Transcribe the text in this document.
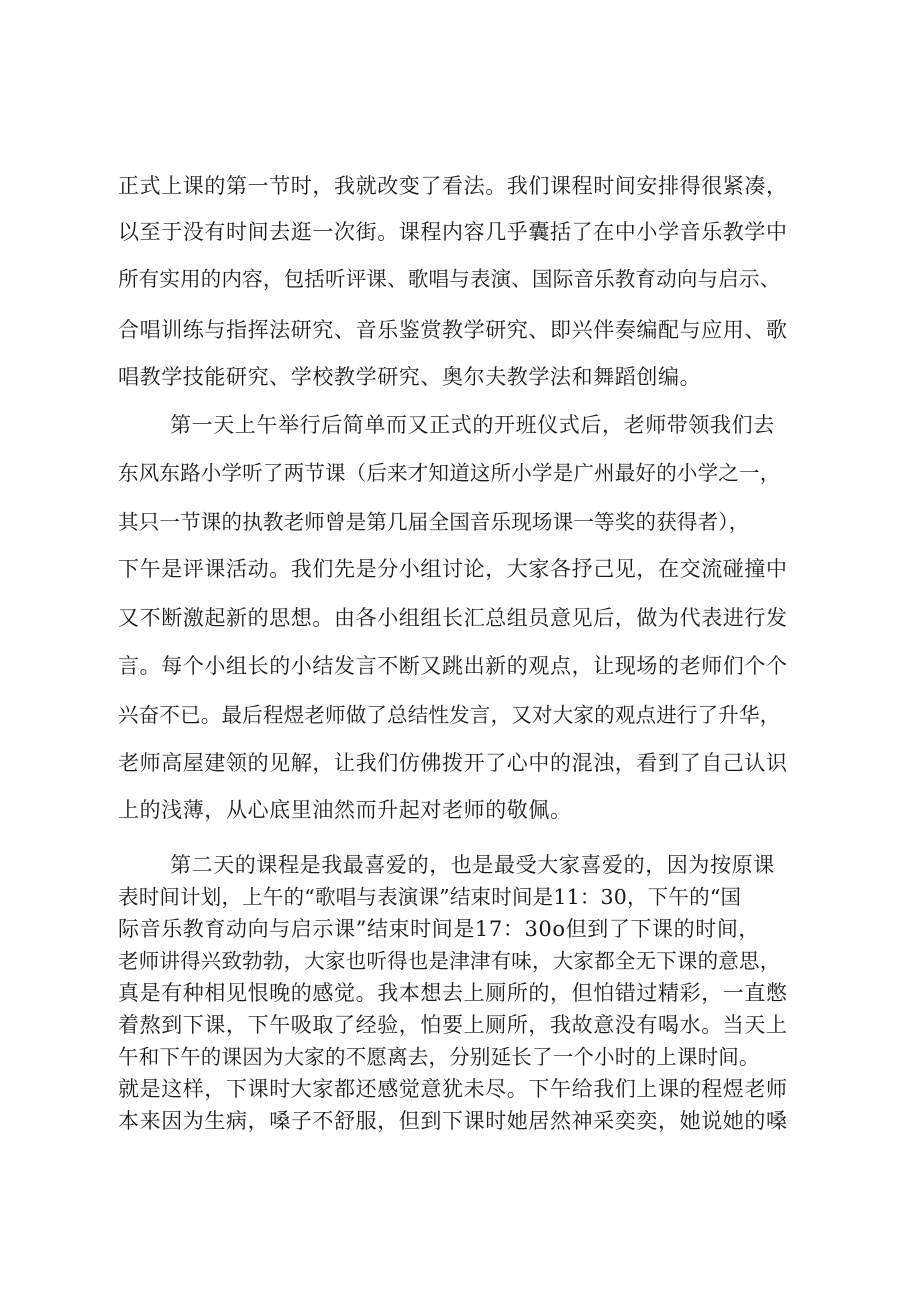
正式上课的第一节时，我就改变了看法。我们课程时间安排得很紧凑，
以至于没有时间去逛一次街。课程内容几乎囊括了在中小学音乐教学中
所有实用的内容，包括听评课、歌唱与表演、国际音乐教育动向与启示、
合唱训练与指挥法研究、音乐鉴赏教学研究、即兴伴奏编配与应用、歌
唱教学技能研究、学校教学研究、奥尔夫教学法和舞蹈创编。
第一天上午举行后简单而又正式的开班仪式后，老师带领我们去
东风东路小学听了两节课（后来才知道这所小学是广州最好的小学之一，
其只一节课的执教老师曾是第几届全国音乐现场课一等奖的获得者），
下午是评课活动。我们先是分小组讨论，大家各抒己见，在交流碰撞中
又不断激起新的思想。由各小组组长汇总组员意见后，做为代表进行发
言。每个小组长的小结发言不断又跳出新的观点，让现场的老师们个个
兴奋不已。最后程煜老师做了总结性发言，又对大家的观点进行了升华，
老师高屋建领的见解，让我们仿佛拨开了心中的混浊，看到了自己认识
上的浅薄，从心底里油然而升起对老师的敬佩。
第二天的课程是我最喜爱的，也是最受大家喜爱的，因为按原课
表时间计划，上午的“歌唱与表演课”结束时间是11：30，下午的“国
际音乐教育动向与启示课”结束时间是17：30o但到了下课的时间，
老师讲得兴致勃勃，大家也听得也是津津有味，大家都全无下课的意思，
真是有种相见恨晚的感觉。我本想去上厕所的，但怕错过精彩，一直憋
着熬到下课，下午吸取了经验，怕要上厕所，我故意没有喝水。当天上
午和下午的课因为大家的不愿离去，分别延长了一个小时的上课时间。
就是这样，下课时大家都还感觉意犹未尽。下午给我们上课的程煜老师
本来因为生病，嗓子不舒服，但到下课时她居然神采奕奕，她说她的嗓
